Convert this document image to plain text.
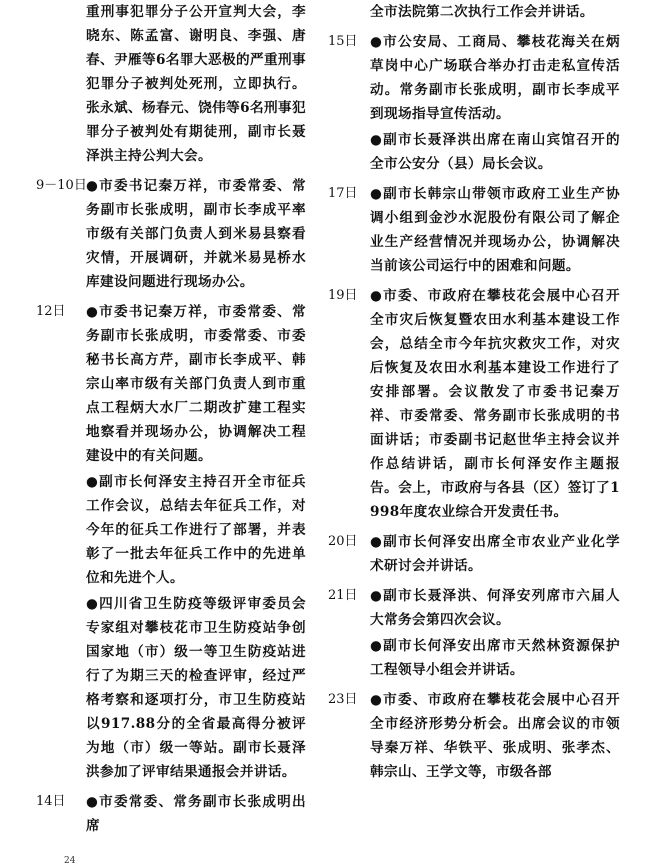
重刑事犯罪分子公开宣判大会，李晓东、陈孟富、谢明良、李强、唐春、尹雁等6名罪大恶极的严重刑事犯罪分子被判处死刑，立即执行。张永斌、杨春元、饶伟等6名刑事犯罪分子被判处有期徒刑，副市长聂泽洪主持公判大会。

9－10日 ●市委书记秦万祥，市委常委、常务副市长张成明，副市长李成平率市级有关部门负责人到米易县察看灾情，开展调研，并就米易晃桥水库建设问题进行现场办公。

12日	●市委书记秦万祥，市委常委、常务副市长张成明，市委常委、市委秘书长高方芹，副市长李成平、韩宗山率市级有关部门负责人到市重点工程炳大水厂二期改扩建工程实地察看并现场办公，协调解决工程建设中的有关问题。

●副市长何泽安主持召开全市征兵工作会议，总结去年征兵工作，对今年的征兵工作进行了部署，并表彰了一批去年征兵工作中的先进单位和先进个人。

●四川省卫生防疫等级评审委员会专家组对攀枝花市卫生防疫站争创国家地（市）级一等卫生防疫站进行了为期三天的检查评审，经过严格考察和逐项打分，市卫生防疫站以917.88分的全省最高得分被评为地（市）级一等站。副市长聂泽洪参加了评审结果通报会并讲话。

14日	●市委常委、常务副市长张成明出席

全市法院第二次执行工作会并讲话。

15日 ●市公安局、工商局、攀枝花海关在炳草岗中心广场联合举办打击走私宣传活动。常务副市长张成明，副市长李成平到现场指导宣传活动。

●副市长聂泽洪出席在南山宾馆召开的全市公安分（县）局长会议。

17日 ●副市长韩宗山带领市政府工业生产协调小组到金沙水泥股份有限公司了解企业生产经营情况并现场办公，协调解决当前该公司运行中的困难和问题。

19日 ●市委、市政府在攀枝花会展中心召开全市灾后恢复暨农田水利基本建设工作会，总结全市今年抗灾救灾工作，对灾后恢复及农田水利基本建设工作进行了安排部署。会议散发了市委书记秦万祥、市委常委、常务副市长张成明的书面讲话；市委副书记赵世华主持会议并作总结讲话，副市长何泽安作主题报告。会上，市政府与各县（区）签订了1998年度农业综合开发责任书。

20日 ●副市长何泽安出席全市农业产业化学术研讨会并讲话。

21日 ●副市长聂泽洪、何泽安列席市六届人大常务会第四次会议。

●副市长何泽安出席市天然林资源保护工程领导小组会并讲话。

23日 ●市委、市政府在攀枝花会展中心召开全市经济形势分析会。出席会议的市领导秦万祥、华铁平、张成明、张孝杰、韩宗山、王学文等，市级各部

24
